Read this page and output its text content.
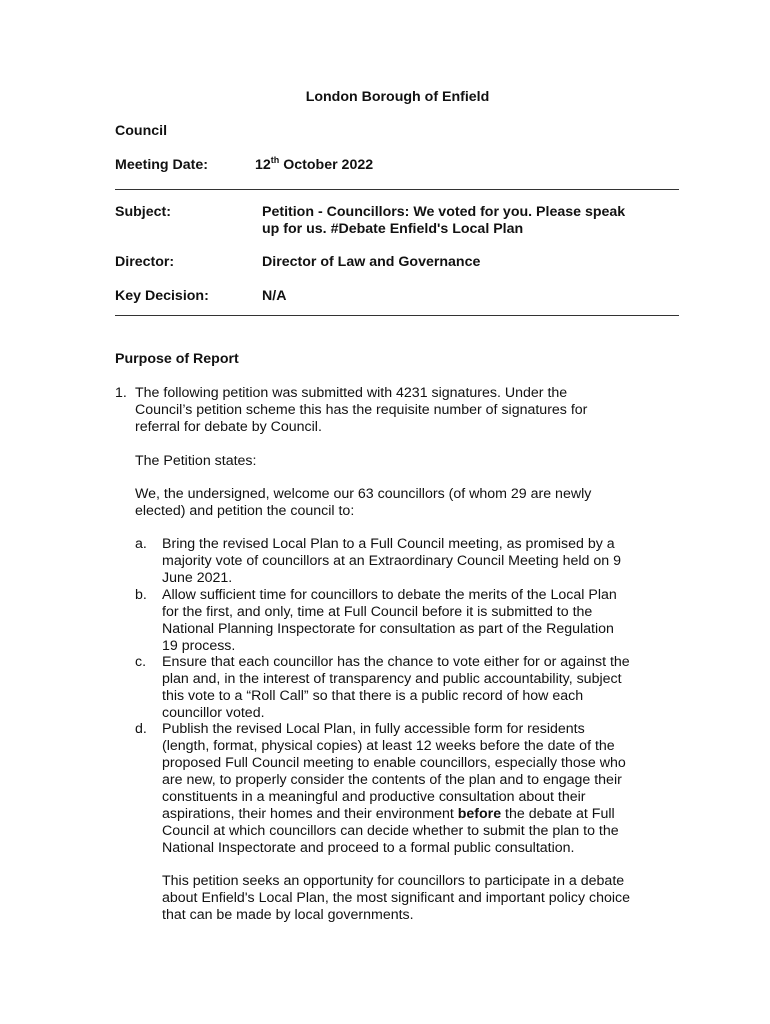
London Borough of Enfield
Council
Meeting Date:	12th October 2022
Subject:	Petition - Councillors: We voted for you. Please speak
up for us. #Debate Enfield's Local Plan
Director:	Director of Law and Governance
Key Decision:	N/A
Purpose of Report
1. The following petition was submitted with 4231 signatures. Under the
Council’s petition scheme this has the requisite number of signatures for
referral for debate by Council.
The Petition states:
We, the undersigned, welcome our 63 councillors (of whom 29 are newly
elected) and petition the council to:
a. Bring the revised Local Plan to a Full Council meeting, as promised by a
majority vote of councillors at an Extraordinary Council Meeting held on 9
June 2021.
b. Allow sufficient time for councillors to debate the merits of the Local Plan
for the first, and only, time at Full Council before it is submitted to the
National Planning Inspectorate for consultation as part of the Regulation
19 process.
c. Ensure that each councillor has the chance to vote either for or against the
plan and, in the interest of transparency and public accountability, subject
this vote to a “Roll Call” so that there is a public record of how each
councillor voted.
d. Publish the revised Local Plan, in fully accessible form for residents
(length, format, physical copies) at least 12 weeks before the date of the
proposed Full Council meeting to enable councillors, especially those who
are new, to properly consider the contents of the plan and to engage their
constituents in a meaningful and productive consultation about their
aspirations, their homes and their environment before the debate at Full
Council at which councillors can decide whether to submit the plan to the
National Inspectorate and proceed to a formal public consultation.
This petition seeks an opportunity for councillors to participate in a debate
about Enfield's Local Plan, the most significant and important policy choice
that can be made by local governments.
